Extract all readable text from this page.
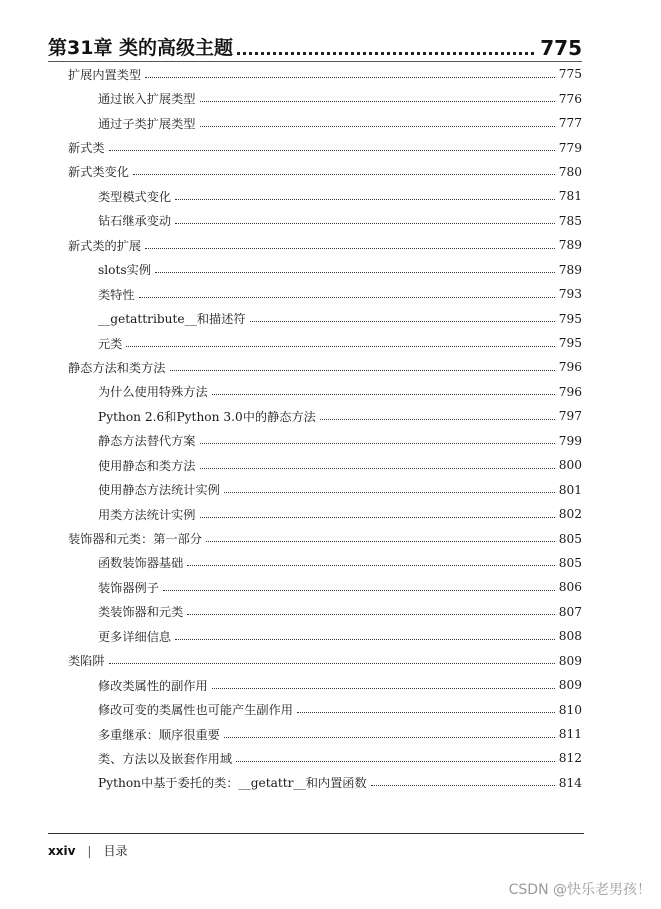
第31章 类的高级主题	775
扩展内置类型	775
通过嵌入扩展类型	776
通过子类扩展类型	777
新式类	779
新式类变化	780
类型模式变化	781
钻石继承变动	785
新式类的扩展	789
slots实例	789
类特性	793
__getattribute__和描述符	795
元类	795
静态方法和类方法	796
为什么使用特殊方法	796
Python 2.6和Python 3.0中的静态方法	797
静态方法替代方案	799
使用静态和类方法	800
使用静态方法统计实例	801
用类方法统计实例	802
装饰器和元类：第一部分	805
函数装饰器基础	805
装饰器例子	806
类装饰器和元类	807
更多详细信息	808
类陷阱	809
修改类属性的副作用	809
修改可变的类属性也可能产生副作用	810
多重继承：顺序很重要	811
类、方法以及嵌套作用域	812
Python中基于委托的类：__getattr__和内置函数	814
xxiv | 目录
CSDN @快乐老男孩！
